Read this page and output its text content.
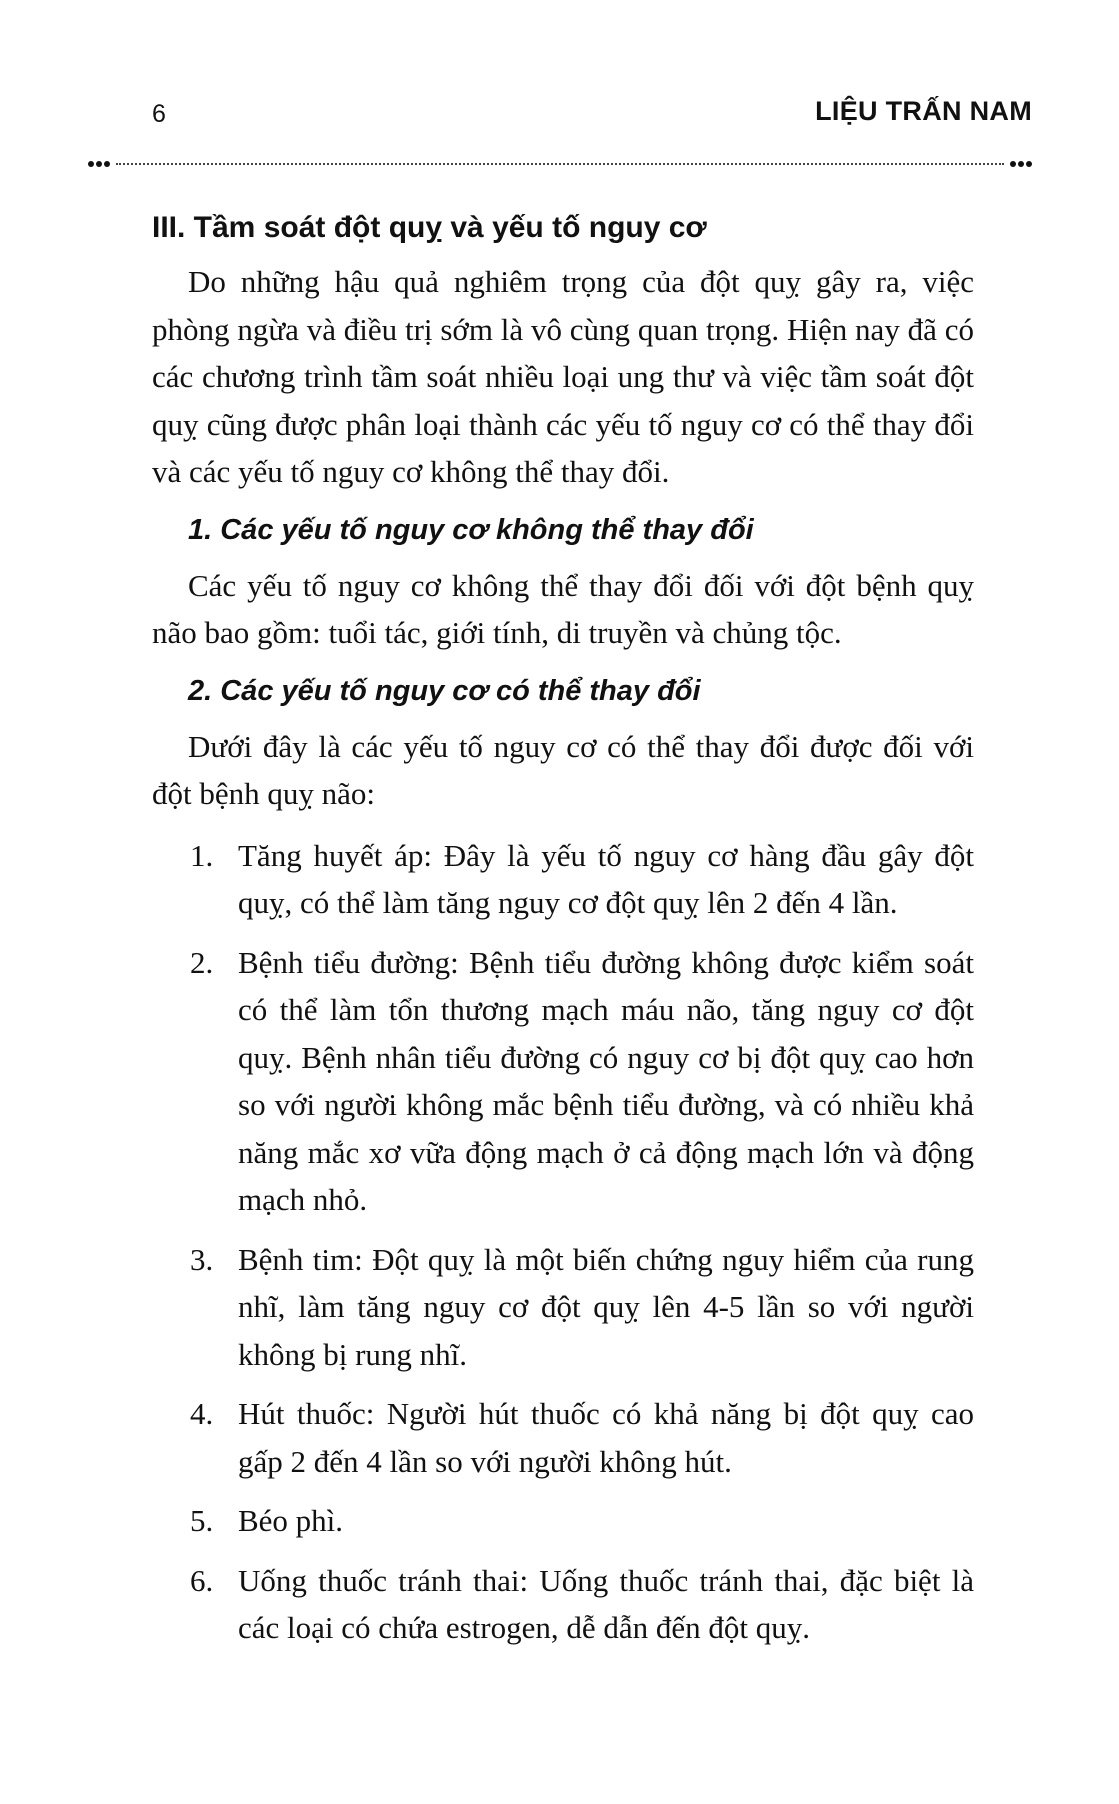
6	LIỆU TRẤN NAM
III. Tầm soát đột quỵ và yếu tố nguy cơ

Do những hậu quả nghiêm trọng của đột quỵ gây ra, việc phòng ngừa và điều trị sớm là vô cùng quan trọng. Hiện nay đã có các chương trình tầm soát nhiều loại ung thư và việc tầm soát đột quỵ cũng được phân loại thành các yếu tố nguy cơ có thể thay đổi và các yếu tố nguy cơ không thể thay đổi.

1. Các yếu tố nguy cơ không thể thay đổi

Các yếu tố nguy cơ không thể thay đổi đối với đột bệnh quỵ não bao gồm: tuổi tác, giới tính, di truyền và chủng tộc.

2. Các yếu tố nguy cơ có thể thay đổi

Dưới đây là các yếu tố nguy cơ có thể thay đổi được đối với đột bệnh quỵ não:

1. Tăng huyết áp: Đây là yếu tố nguy cơ hàng đầu gây đột quỵ, có thể làm tăng nguy cơ đột quỵ lên 2 đến 4 lần.
2. Bệnh tiểu đường: Bệnh tiểu đường không được kiểm soát có thể làm tổn thương mạch máu não, tăng nguy cơ đột quỵ. Bệnh nhân tiểu đường có nguy cơ bị đột quỵ cao hơn so với người không mắc bệnh tiểu đường, và có nhiều khả năng mắc xơ vữa động mạch ở cả động mạch lớn và động mạch nhỏ.
3. Bệnh tim: Đột quỵ là một biến chứng nguy hiểm của rung nhĩ, làm tăng nguy cơ đột quỵ lên 4-5 lần so với người không bị rung nhĩ.
4. Hút thuốc: Người hút thuốc có khả năng bị đột quỵ cao gấp 2 đến 4 lần so với người không hút.
5. Béo phì.
6. Uống thuốc tránh thai: Uống thuốc tránh thai, đặc biệt là các loại có chứa estrogen, dễ dẫn đến đột quỵ.
